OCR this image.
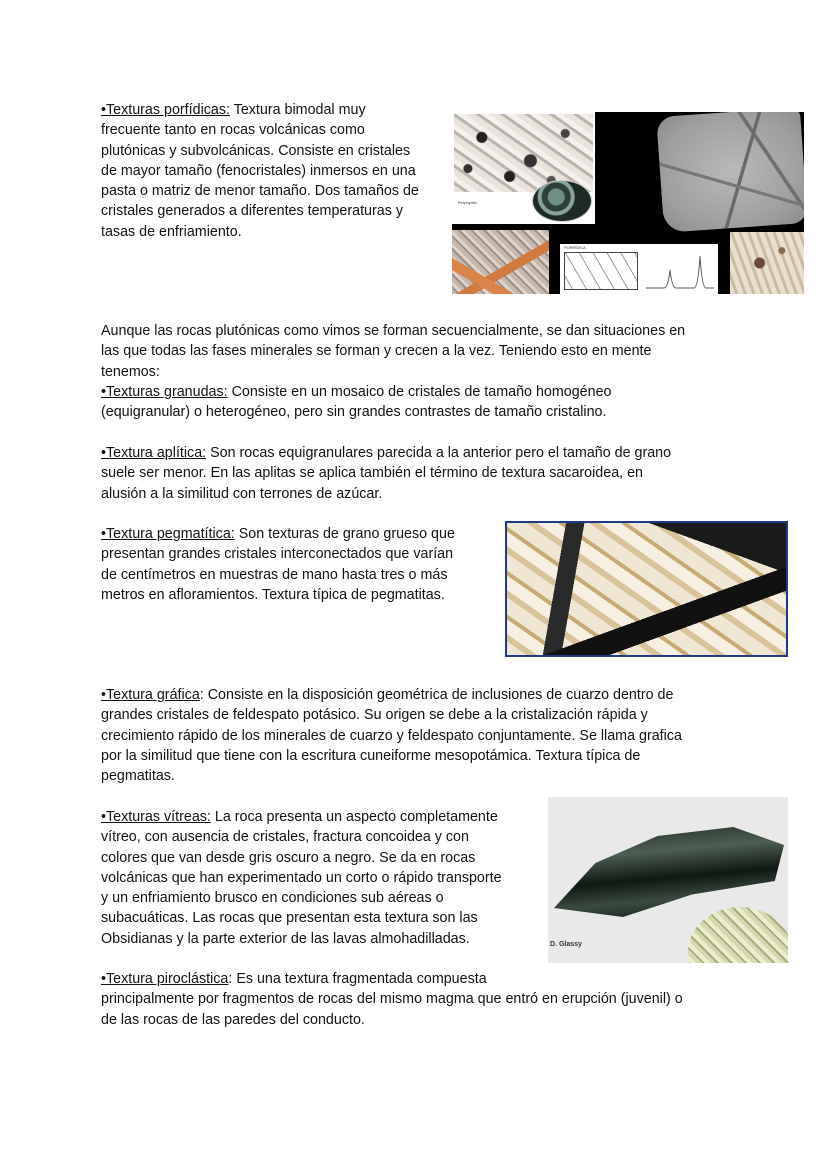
•Texturas porfídicas: Textura bimodal muy
frecuente tanto en rocas volcánicas como
plutónicas y subvolcánicas. Consiste en cristales
de mayor tamaño (fenocristales) inmersos en una
pasta o matriz de menor tamaño. Dos tamaños de
cristales generados a diferentes temperaturas y
tasas de enfriamiento.
Porphyritic
PORFÍDICA
Aunque las rocas plutónicas como vimos se forman secuencialmente, se dan situaciones en
las que todas las fases minerales se forman y crecen a la vez. Teniendo esto en mente
tenemos:
•Texturas granudas: Consiste en un mosaico de cristales de tamaño homogéneo
(equigranular) o heterogéneo, pero sin grandes contrastes de tamaño cristalino.
•Textura aplítica: Son rocas equigranulares parecida a la anterior pero el tamaño de grano
suele ser menor. En las aplitas se aplica también el término de textura sacaroidea, en
alusión a la similitud con terrones de azúcar.
•Textura pegmatítica: Son texturas de grano grueso que
presentan grandes cristales interconectados que varían
de centímetros en muestras de mano hasta tres o más
metros en afloramientos. Textura típica de pegmatitas.
•Textura gráfica: Consiste en la disposición geométrica de inclusiones de cuarzo dentro de
grandes cristales de feldespato potásico. Su origen se debe a la cristalización rápida y
crecimiento rápido de los minerales de cuarzo y feldespato conjuntamente. Se llama grafica
por la similitud que tiene con la escritura cuneiforme mesopotámica. Textura típica de
pegmatitas.
•Texturas vítreas: La roca presenta un aspecto completamente
vítreo, con ausencia de cristales, fractura concoidea y con
colores que van desde gris oscuro a negro. Se da en rocas
volcánicas que han experimentado un corto o rápido transporte
y un enfriamiento brusco en condiciones sub aéreas o
subacuáticas. Las rocas que presentan esta textura son las
Obsidianas y la parte exterior de las lavas almohadilladas.	D. Glassy
•Textura piroclástica: Es una textura fragmentada compuesta
principalmente por fragmentos de rocas del mismo magma que entró en erupción (juvenil) o
de las rocas de las paredes del conducto.
